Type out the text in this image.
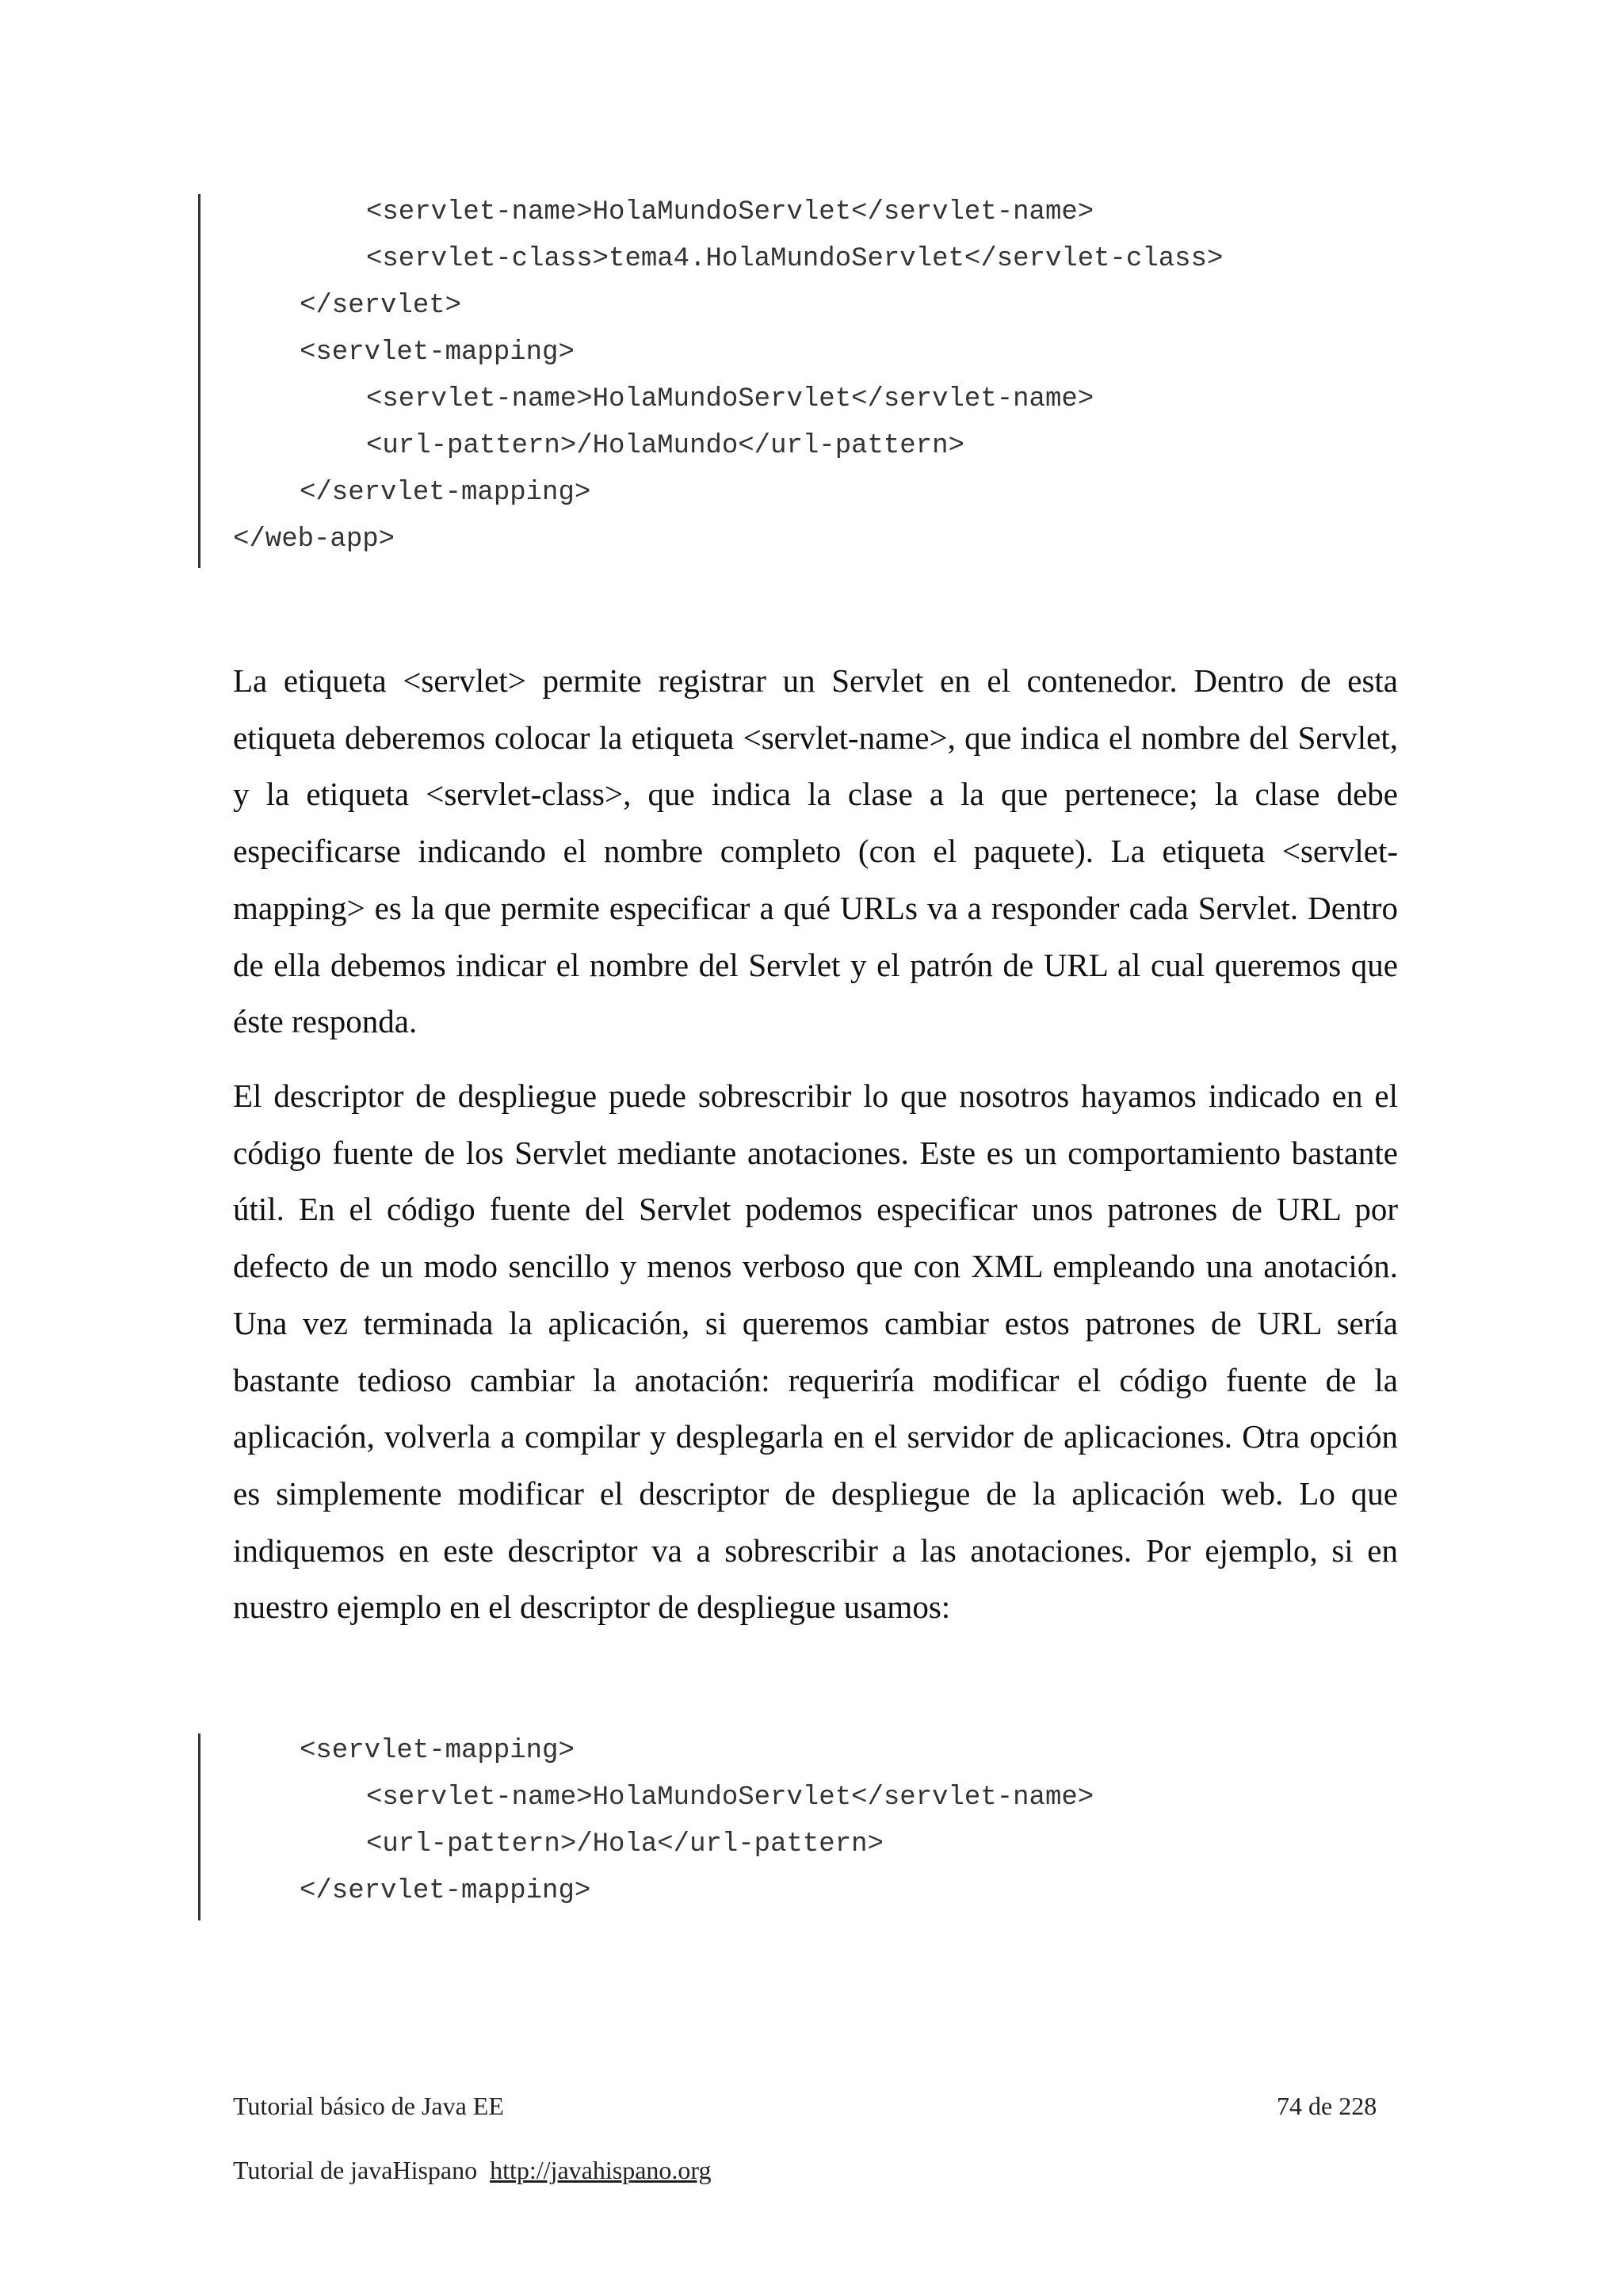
<servlet-name>HolaMundoServlet</servlet-name>
<servlet-class>tema4.HolaMundoServlet</servlet-class>
</servlet>
<servlet-mapping>
<servlet-name>HolaMundoServlet</servlet-name>
<url-pattern>/HolaMundo</url-pattern>
</servlet-mapping>
</web-app>

La etiqueta <servlet> permite registrar un Servlet en el contenedor. Dentro de esta etiqueta deberemos colocar la etiqueta <servlet-name>, que indica el nombre del Servlet, y la etiqueta <servlet-class>, que indica la clase a la que pertenece; la clase debe especificarse indicando el nombre completo (con el paquete). La etiqueta <servlet-mapping> es la que permite especificar a qué URLs va a responder cada Servlet. Dentro de ella debemos indicar el nombre del Servlet y el patrón de URL al cual queremos que éste responda.

El descriptor de despliegue puede sobrescribir lo que nosotros hayamos indicado en el código fuente de los Servlet mediante anotaciones. Este es un comportamiento bastante útil. En el código fuente del Servlet podemos especificar unos patrones de URL por defecto de un modo sencillo y menos verboso que con XML empleando una anotación. Una vez terminada la aplicación, si queremos cambiar estos patrones de URL sería bastante tedioso cambiar la anotación: requeriría modificar el código fuente de la aplicación, volverla a compilar y desplegarla en el servidor de aplicaciones. Otra opción es simplemente modificar el descriptor de despliegue de la aplicación web. Lo que indiquemos en este descriptor va a sobrescribir a las anotaciones. Por ejemplo, si en nuestro ejemplo en el descriptor de despliegue usamos:

<servlet-mapping>
<servlet-name>HolaMundoServlet</servlet-name>
<url-pattern>/Hola</url-pattern>
</servlet-mapping>
Tutorial básico de Java EE	74 de 228
Tutorial de javaHispano http://javahispano.org
